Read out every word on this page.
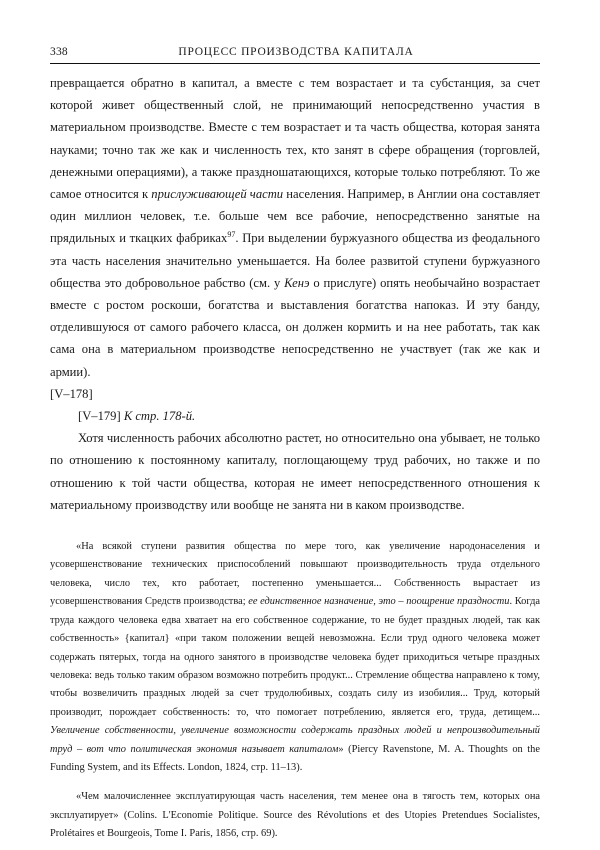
338	ПРОЦЕСС ПРОИЗВОДСТВА КАПИТАЛА

превращается обратно в капитал, а вместе с тем возрастает и та субстанция, за счет которой живет общественный слой, не принимающий непосредственно участия в материальном производстве. Вместе с тем возрастает и та часть общества, которая занята науками; точно так же как и численность тех, кто занят в сфере обращения (торговлей, денежными операциями), а также праздношатающихся, которые только потребляют. То же самое относится к прислуживающей части населения. Например, в Англии она составляет один миллион человек, т.е. больше чем все рабочие, непосредственно занятые на прядильных и ткацких фабриках$^{97}$. При выделении буржуазного общества из феодального эта часть населения значительно уменьшается. На более развитой ступени буржуазного общества это добровольное рабство (см. у Кенэ о прислуге) опять необычайно возрастает вместе с ростом роскоши, богатства и выставления богатства напоказ. И эту банду, отделившуюся от самого рабочего класса, он должен кормить и на нее работать, так как сама она в материальном производстве непосредственно не участвует (так же как и армии).

[V–178]

[V–179] К стр. 178-й.

Хотя численность рабочих абсолютно растет, но относительно она убывает, не только по отношению к постоянному капиталу, поглощающему труд рабочих, но также и по отношению к той части общества, которая не имеет непосредственного отношения к материальному производству или вообще не занята ни в каком производстве.

«На всякой ступени развития общества по мере того, как увеличение народонаселения и усовершенствование технических приспособлений повышают производительность труда отдельного человека, число тех, кто работает, постепенно уменьшается... Собственность вырастает из усовершенствования Средств производства; ее единственное назначение, это – поощрение праздности. Когда труда каждого человека едва хватает на его собственное содержание, то не будет праздных людей, так как собственность» {капитал} «при таком положении вещей невозможна. Если труд одного человека может содержать пятерых, тогда на одного занятого в производстве человека будет приходиться четыре праздных человека: ведь только таким образом возможно потребить продукт... Стремление общества направлено к тому, чтобы возвеличить праздных людей за счет трудолюбивых, создать силу из изобилия... Труд, который производит, порождает собственность: то, что помогает потреблению, является его, труда, детищем... Увеличение собственности, увеличение возможности содержать праздных людей и непроизводительный труд – вот что политическая экономия называет капиталом» (Piercy Ravenstone, M. A. Thoughts on the Funding System, and its Effects. London, 1824, стр. 11–13).

«Чем малочисленнее эксплуатирующая часть населения, тем менее она в тягость тем, которых она эксплуатирует» (Colins. L'Economie Politique. Source des Révolutions et des Utopies Pretendues Socialistes, Prolétaires et Bourgeois, Tome I. Paris, 1856, стр. 69).
